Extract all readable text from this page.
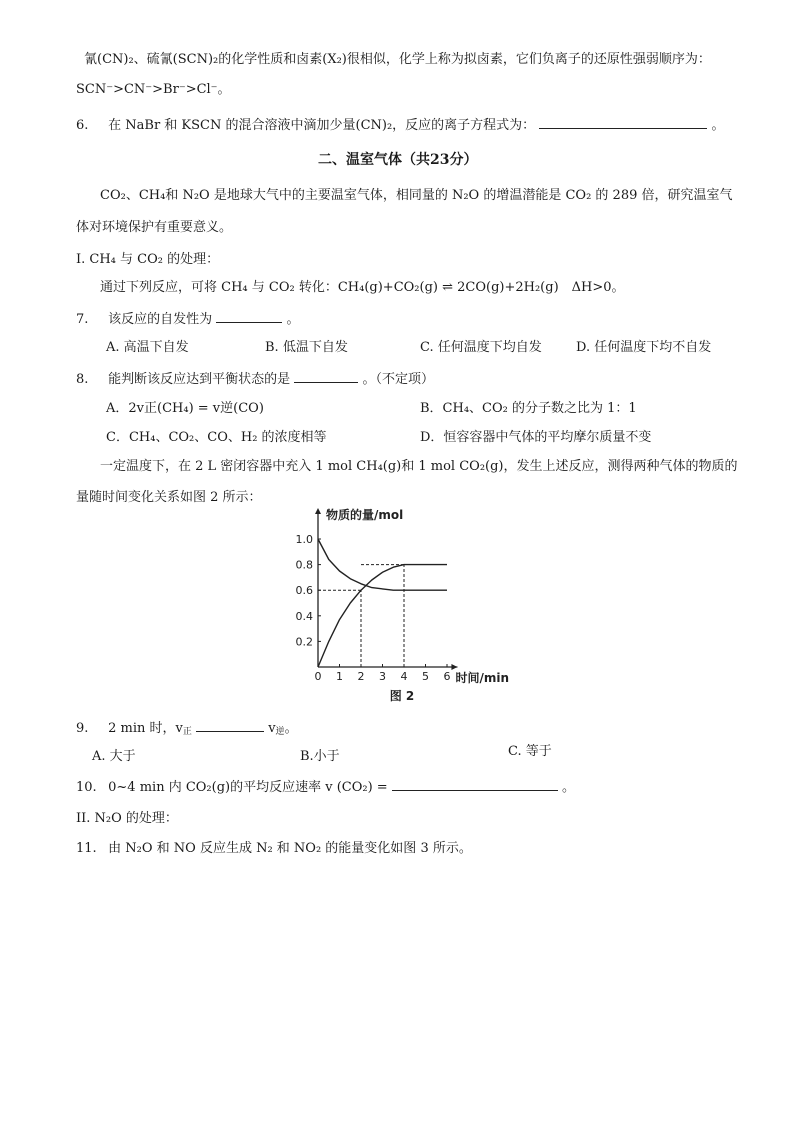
氰(CN)₂、硫氰(SCN)₂的化学性质和卤素(X₂)很相似，化学上称为拟卤素，它们负离子的还原性强弱顺序为：
SCN⁻>CN⁻>Br⁻>Cl⁻。
6. 在 NaBr 和 KSCN 的混合溶液中滴加少量(CN)₂，反应的离子方程式为：	。
二、温室气体（共23分）
CO₂、CH₄和 N₂O 是地球大气中的主要温室气体，相同量的 N₂O 的增温潜能是 CO₂ 的 289 倍，研究温室气
体对环境保护有重要意义。
I. CH₄ 与 CO₂ 的处理：
通过下列反应，可将 CH₄ 与 CO₂ 转化：CH₄(g)+CO₂(g) ⇌ 2CO(g)+2H₂(g)　ΔH>0。
7. 该反应的自发性为	。
A. 高温下自发	B. 低温下自发	C. 任何温度下均自发	D. 任何温度下均不自发
8. 能判断该反应达到平衡状态的是	。（不定项）
A．2v正(CH₄) = v逆(CO)	B．CH₄、CO₂ 的分子数之比为 1：1
C．CH₄、CO₂、CO、H₂ 的浓度相等	D．恒容容器中气体的平均摩尔质量不变
一定温度下，在 2 L 密闭容器中充入 1 mol CH₄(g)和 1 mol CO₂(g)，发生上述反应，测得两种气体的物质的
量随时间变化关系如图 2 所示：
0 1 2 3 4 5 6
0.2
0.4
0.6
0.8
1.0
物质的量/mol
时间/min
图 2
9. 2 min 时，$v_正$	$v_逆$。
A. 大于	B.小于	C. 等于
10. 0~4 min 内 CO₂(g)的平均反应速率 v (CO₂) =	。
II. N₂O 的处理：
11. 由 N₂O 和 NO 反应生成 N₂ 和 NO₂ 的能量变化如图 3 所示。
